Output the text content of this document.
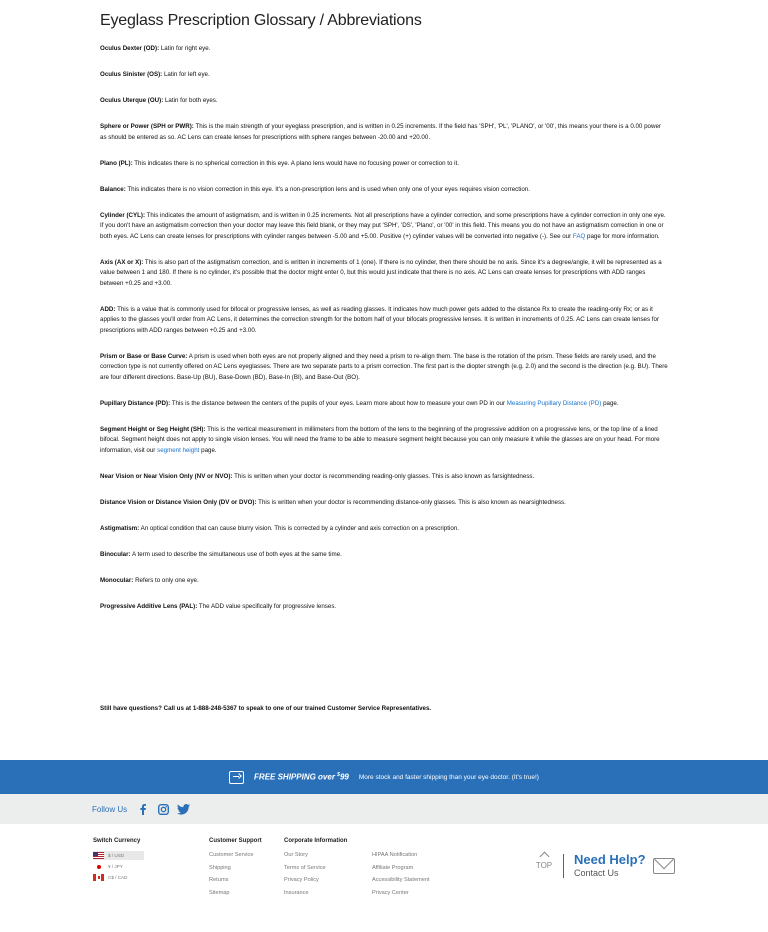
Eyeglass Prescription Glossary / Abbreviations

Oculus Dexter (OD): Latin for right eye.

Oculus Sinister (OS): Latin for left eye.

Oculus Uterque (OU): Latin for both eyes.

Sphere or Power (SPH or PWR): This is the main strength of your eyeglass prescription, and is written in 0.25 increments. If the field has 'SPH', 'PL', 'PLANO', or '00', this means your there is a 0.00 power as should be entered as so. AC Lens can create lenses for prescriptions with sphere ranges between -20.00 and +20.00.

Plano (PL): This indicates there is no spherical correction in this eye. A plano lens would have no focusing power or correction to it.

Balance: This indicates there is no vision correction in this eye. It's a non-prescription lens and is used when only one of your eyes requires vision correction.

Cylinder (CYL): This indicates the amount of astigmatism, and is written in 0.25 increments. Not all prescriptions have a cylinder correction, and some prescriptions have a cylinder correction in only one eye. If you don't have an astigmatism correction then your doctor may leave this field blank, or they may put 'SPH', 'DS', 'Plano', or '00' in this field. This means you do not have an astigmatism correction in one or both eyes. AC Lens can create lenses for prescriptions with cylinder ranges between -5.00 and +5.00. Positive (+) cylinder values will be converted into negative (-). See our FAQ page for more information.

Axis (AX or X): This is also part of the astigmatism correction, and is written in increments of 1 (one). If there is no cylinder, then there should be no axis. Since it's a degree/angle, it will be represented as a value between 1 and 180. If there is no cylinder, it's possible that the doctor might enter 0, but this would just indicate that there is no axis. AC Lens can create lenses for prescriptions with ADD ranges between +0.25 and +3.00.

ADD: This is a value that is commonly used for bifocal or progressive lenses, as well as reading glasses. It indicates how much power gets added to the distance Rx to create the reading-only Rx; or as it applies to the glasses you'll order from AC Lens, it determines the correction strength for the bottom half of your bifocals progressive lenses. It is written in increments of 0.25. AC Lens can create lenses for prescriptions with ADD ranges between +0.25 and +3.00.

Prism or Base or Base Curve: A prism is used when both eyes are not properly aligned and they need a prism to re-align them. The base is the rotation of the prism. These fields are rarely used, and the correction type is not currently offered on AC Lens eyeglasses. There are two separate parts to a prism correction. The first part is the diopter strength (e.g. 2.0) and the second is the direction (e.g. BU). There are four different directions. Base-Up (BU), Base-Down (BD), Base-In (BI), and Base-Out (BO).

Pupillary Distance (PD): This is the distance between the centers of the pupils of your eyes. Learn more about how to measure your own PD in our Measuring Pupillary Distance (PD) page.

Segment Height or Seg Height (SH): This is the vertical measurement in millimeters from the bottom of the lens to the beginning of the progressive addition on a progressive lens, or the top line of a lined bifocal. Segment height does not apply to single vision lenses. You will need the frame to be able to measure segment height because you can only measure it while the glasses are on your head. For more information, visit our segment height page.

Near Vision or Near Vision Only (NV or NVO): This is written when your doctor is recommending reading-only glasses. This is also known as farsightedness.

Distance Vision or Distance Vision Only (DV or DVO): This is written when your doctor is recommending distance-only glasses. This is also known as nearsightedness.

Astigmatism: An optical condition that can cause blurry vision. This is corrected by a cylinder and axis correction on a prescription.

Binocular: A term used to describe the simultaneous use of both eyes at the same time.

Monocular: Refers to only one eye.

Progressive Additive Lens (PAL): The ADD value specifically for progressive lenses.

Still have questions? Call us at 1-888-248-5367 to speak to one of our trained Customer Service Representatives.

FREE SHIPPING over $99 More stock and faster shipping than your eye doctor. (It's true!)
Follow Us
Switch Currency
$ / USD
¥ / JPY
C$ / CAD
Customer Support
Customer Service
Shipping
Returns
Sitemap
Corporate Information
Our Story
Terms of Service
Privacy Policy
Insurance
HIPAA Notification
Affiliate Program
Accessibility Statement
Privacy Center
TOP Need Help?
Contact Us
